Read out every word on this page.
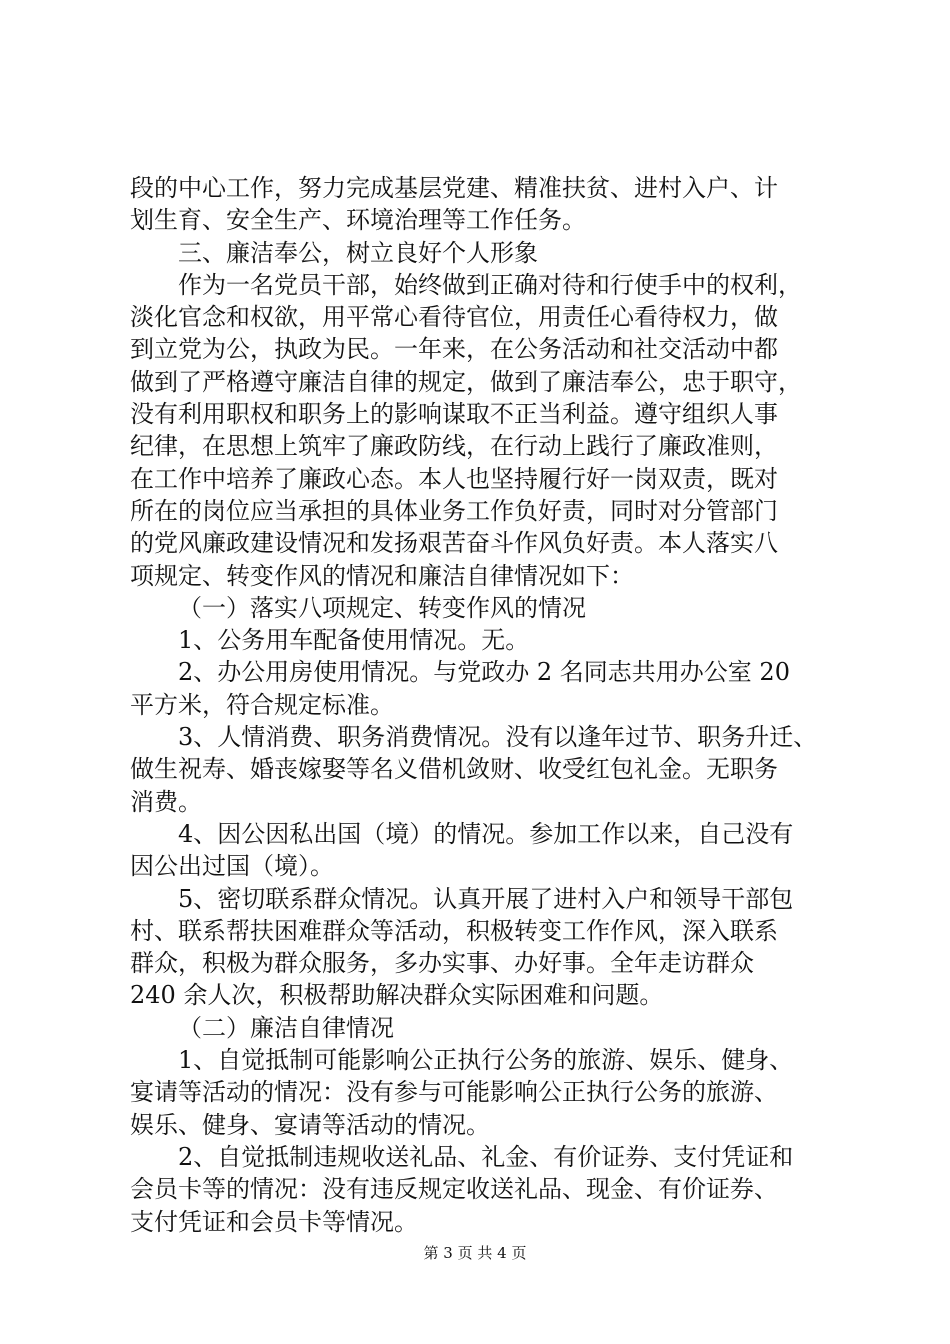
段的中心工作，努力完成基层党建、精准扶贫、进村入户、计
划生育、安全生产、环境治理等工作任务。
三、廉洁奉公，树立良好个人形象
作为一名党员干部，始终做到正确对待和行使手中的权利，
淡化官念和权欲，用平常心看待官位，用责任心看待权力，做
到立党为公，执政为民。一年来，在公务活动和社交活动中都
做到了严格遵守廉洁自律的规定，做到了廉洁奉公，忠于职守，
没有利用职权和职务上的影响谋取不正当利益。遵守组织人事
纪律，在思想上筑牢了廉政防线，在行动上践行了廉政准则，
在工作中培养了廉政心态。本人也坚持履行好一岗双责，既对
所在的岗位应当承担的具体业务工作负好责，同时对分管部门
的党风廉政建设情况和发扬艰苦奋斗作风负好责。本人落实八
项规定、转变作风的情况和廉洁自律情况如下：
（一）落实八项规定、转变作风的情况
1、公务用车配备使用情况。无。
2、办公用房使用情况。与党政办 2 名同志共用办公室 20
平方米，符合规定标准。
3、人情消费、职务消费情况。没有以逢年过节、职务升迁、
做生祝寿、婚丧嫁娶等名义借机敛财、收受红包礼金。无职务
消费。
4、因公因私出国（境）的情况。参加工作以来，自己没有
因公出过国（境）。
5、密切联系群众情况。认真开展了进村入户和领导干部包
村、联系帮扶困难群众等活动，积极转变工作作风，深入联系
群众，积极为群众服务，多办实事、办好事。全年走访群众
240 余人次，积极帮助解决群众实际困难和问题。
（二）廉洁自律情况
1、自觉抵制可能影响公正执行公务的旅游、娱乐、健身、
宴请等活动的情况：没有参与可能影响公正执行公务的旅游、
娱乐、健身、宴请等活动的情况。
2、自觉抵制违规收送礼品、礼金、有价证券、支付凭证和
会员卡等的情况：没有违反规定收送礼品、现金、有价证券、
支付凭证和会员卡等情况。
第 3 页 共 4 页
